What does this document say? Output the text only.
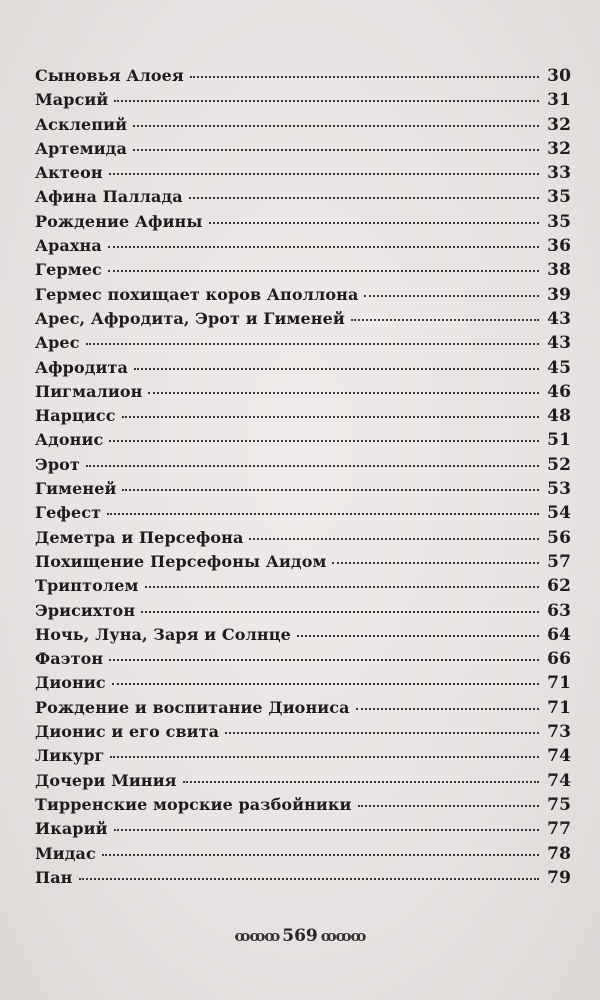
Сыновья Алоея	30
Марсий	31
Асклепий	32
Артемида	32
Актеон	33
Афина Паллада	35
Рождение Афины	35
Арахна	36
Гермес	38
Гермес похищает коров Аполлона	39
Арес, Афродита, Эрот и Гименей	43
Арес	43
Афродита	45
Пигмалион	46
Нарцисс	48
Адонис	51
Эрот	52
Гименей	53
Гефест	54
Деметра и Персефона	56
Похищение Персефоны Аидом	57
Триптолем	62
Эрисихтон	63
Ночь, Луна, Заря и Солнце	64
Фаэтон	66
Дионис	71
Рождение и воспитание Диониса	71
Дионис и его свита	73
Ликург	74
Дочери Миния	74
Тирренские морские разбойники	75
Икарий	77
Мидас	78
Пан	79
ꝏꝏꝏ 569 ꝏꝏꝏ
